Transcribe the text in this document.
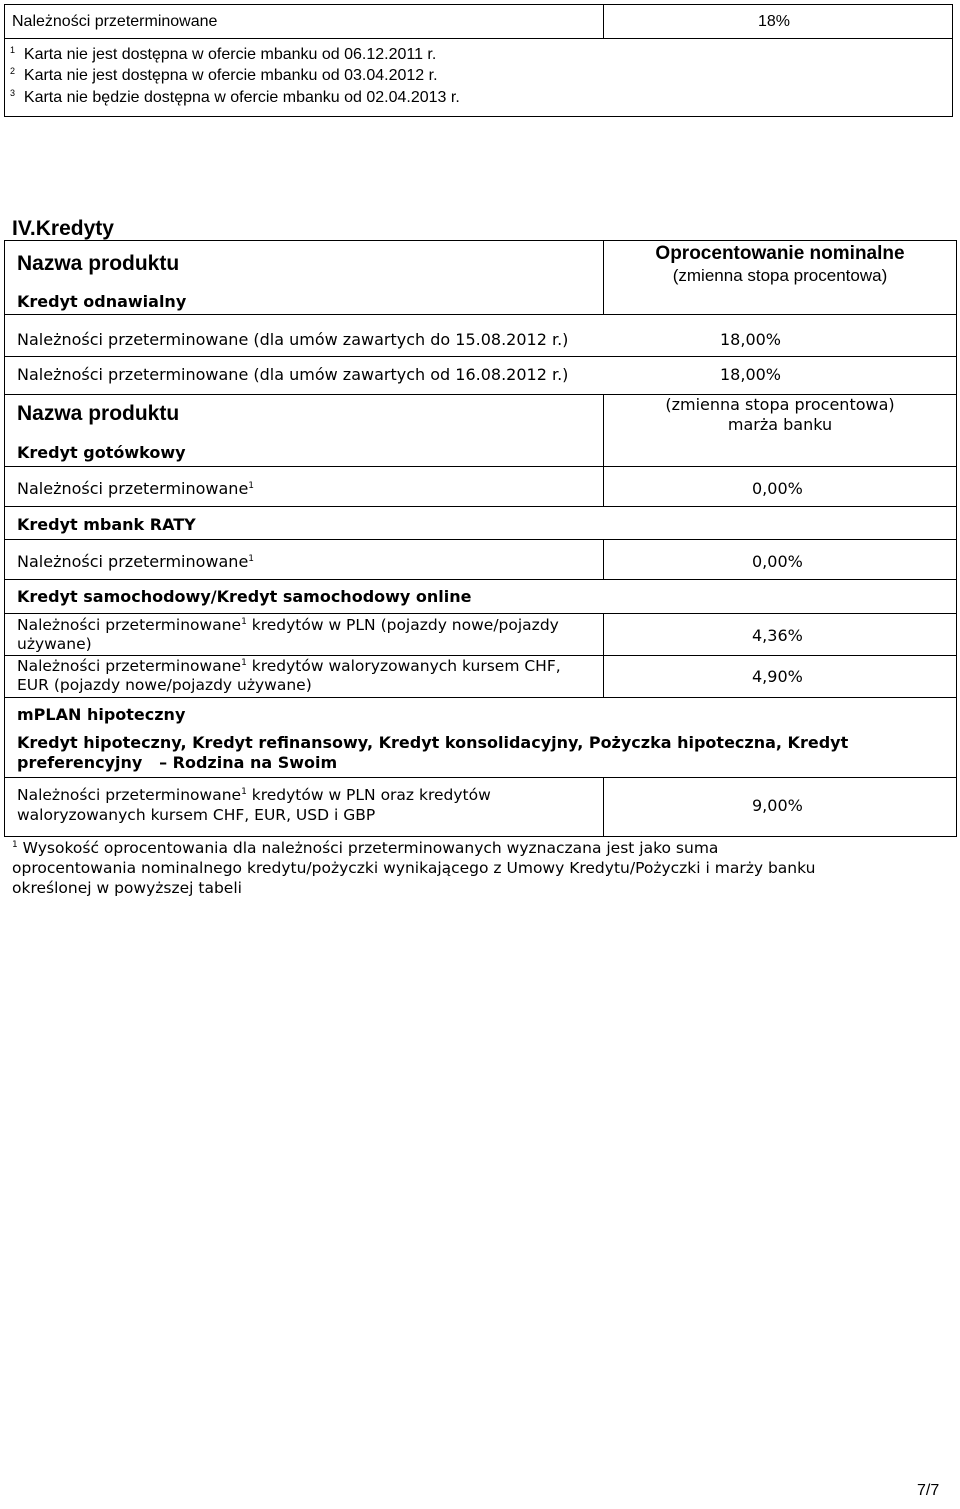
Należności przeterminowane	18%
$^1$ Karta nie jest dostępna w ofercie mbanku od 06.12.2011 r.
$^2$ Karta nie jest dostępna w ofercie mbanku od 03.04.2012 r.
$^3$ Karta nie będzie dostępna w ofercie mbanku od 02.04.2013 r.
IV.Kredyty
Nazwa produktu	Oprocentowanie nominalne
(zmienna stopa procentowa)
Kredyt odnawialny
Należności przeterminowane (dla umów zawartych do 15.08.2012 r.)	18,00%
Należności przeterminowane (dla umów zawartych od 16.08.2012 r.)	18,00%
Nazwa produktu	(zmienna stopa procentowa)
marża banku
Kredyt gotówkowy
Należności przeterminowane$^1$	0,00%
Kredyt mbank RATY
Należności przeterminowane$^1$	0,00%
Kredyt samochodowy/Kredyt samochodowy online
Należności przeterminowane$^1$ kredytów w PLN (pojazdy nowe/pojazdy
używane)	4,36%
Należności przeterminowane$^1$ kredytów waloryzowanych kursem CHF,
EUR (pojazdy nowe/pojazdy używane)	4,90%
mPLAN hipoteczny
Kredyt hipoteczny, Kredyt refinansowy, Kredyt konsolidacyjny, Pożyczka hipoteczna, Kredyt
preferencyjny – Rodzina na Swoim
Należności przeterminowane$^1$ kredytów w PLN oraz kredytów
waloryzowanych kursem CHF, EUR, USD i GBP	9,00%
$^1$ Wysokość oprocentowania dla należności przeterminowanych wyznaczana jest jako suma
oprocentowania nominalnego kredytu/pożyczki wynikającego z Umowy Kredytu/Pożyczki i marży banku
określonej w powyższej tabeli
7/7
